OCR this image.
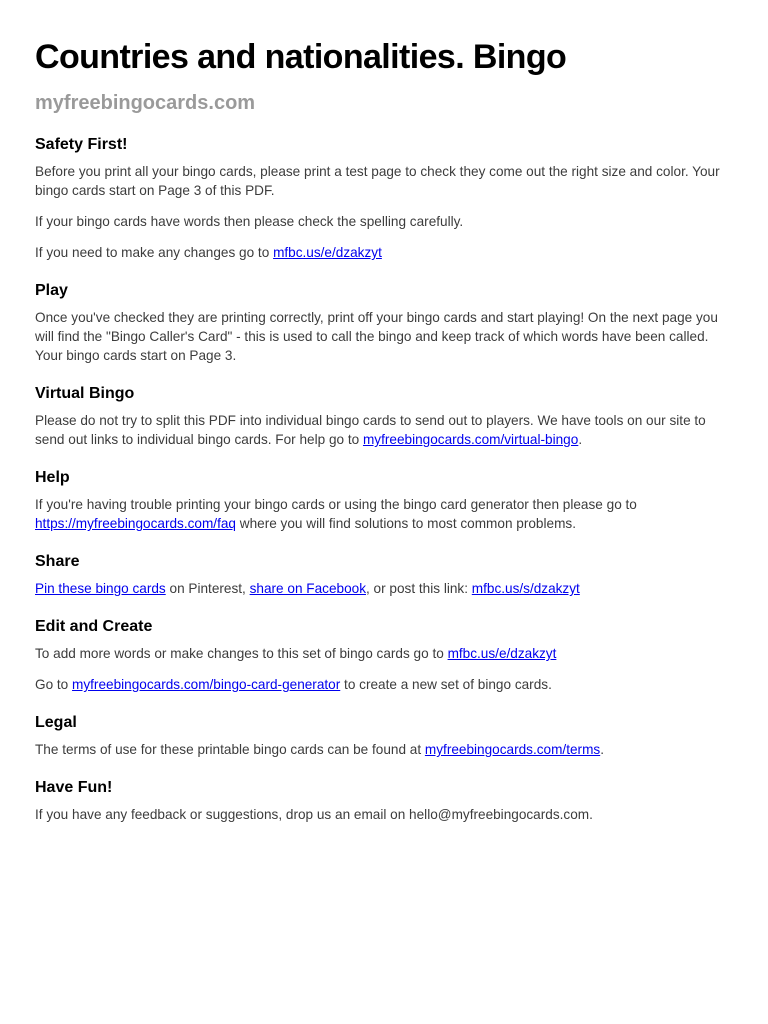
Countries and nationalities. Bingo
myfreebingocards.com
Safety First!

Before you print all your bingo cards, please print a test page to check they come out the right size and color. Your bingo cards start on Page 3 of this PDF.

If your bingo cards have words then please check the spelling carefully.

If you need to make any changes go to mfbc.us/e/dzakzyt

Play

Once you've checked they are printing correctly, print off your bingo cards and start playing! On the next page you will find the "Bingo Caller's Card" - this is used to call the bingo and keep track of which words have been called. Your bingo cards start on Page 3.

Virtual Bingo

Please do not try to split this PDF into individual bingo cards to send out to players. We have tools on our site to send out links to individual bingo cards. For help go to myfreebingocards.com/virtual-bingo.

Help

If you're having trouble printing your bingo cards or using the bingo card generator then please go to https://myfreebingocards.com/faq where you will find solutions to most common problems.

Share

Pin these bingo cards on Pinterest, share on Facebook, or post this link: mfbc.us/s/dzakzyt

Edit and Create

To add more words or make changes to this set of bingo cards go to mfbc.us/e/dzakzyt

Go to myfreebingocards.com/bingo-card-generator to create a new set of bingo cards.

Legal

The terms of use for these printable bingo cards can be found at myfreebingocards.com/terms.

Have Fun!

If you have any feedback or suggestions, drop us an email on hello@myfreebingocards.com.
